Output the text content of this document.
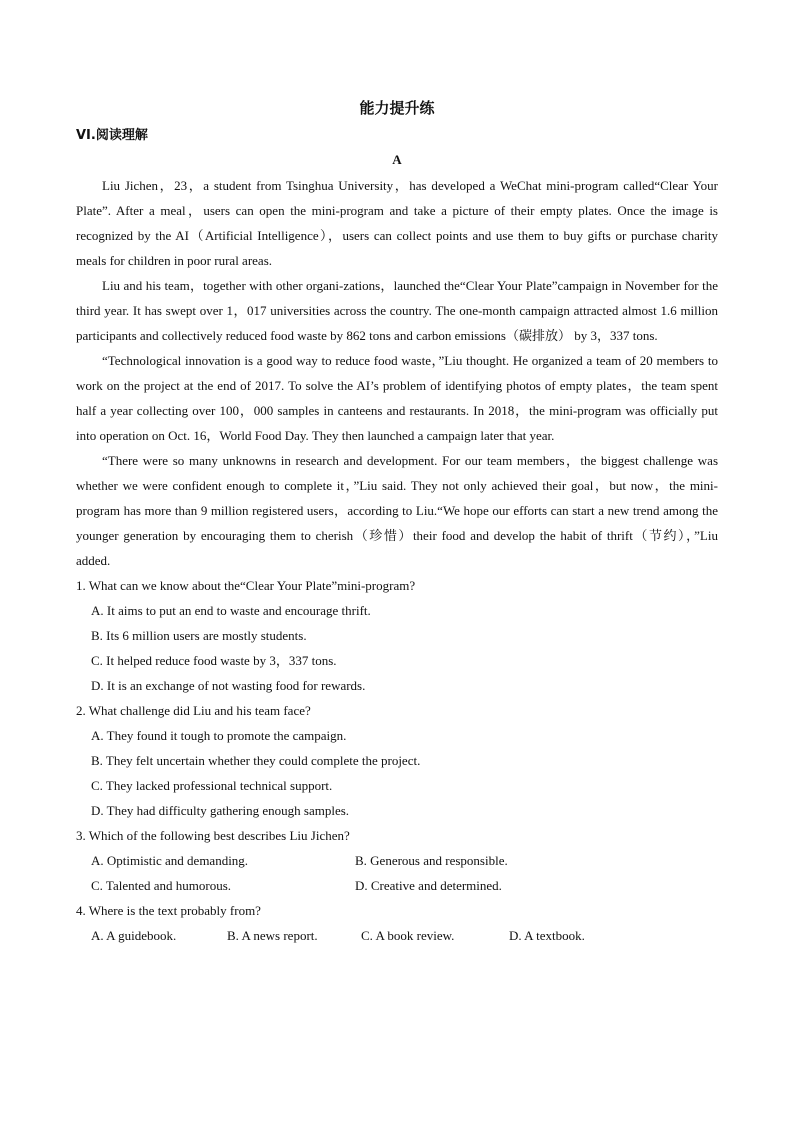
能力提升练
VI.阅读理解
A

Liu Jichen，23，a student from Tsinghua University，has developed a WeChat mini-program called“Clear Your Plate”. After a meal，users can open the mini-program and take a picture of their empty plates. Once the image is recognized by the AI（Artificial Intelligence），users can collect points and use them to buy gifts or purchase charity meals for children in poor rural areas.

Liu and his team，together with other organi-zations，launched the“Clear Your Plate”campaign in November for the third year. It has swept over 1，017 universities across the country. The one-month campaign attracted almost 1.6 million participants and collectively reduced food waste by 862 tons and carbon emissions（碳排放） by 3，337 tons.

“Technological innovation is a good way to reduce food waste，”Liu thought. He organized a team of 20 members to work on the project at the end of 2017. To solve the AI’s problem of identifying photos of empty plates，the team spent half a year collecting over 100，000 samples in canteens and restaurants. In 2018，the mini-program was officially put into operation on Oct. 16，World Food Day. They then launched a campaign later that year.

“There were so many unknowns in research and development. For our team members，the biggest challenge was whether we were confident enough to complete it，”Liu said. They not only achieved their goal，but now，the mini-program has more than 9 million registered users，according to Liu.“We hope our efforts can start a new trend among the younger generation by encouraging them to cherish（珍惜）their food and develop the habit of thrift（节约），”Liu added.

1. What can we know about the“Clear Your Plate”mini-program?
A. It aims to put an end to waste and encourage thrift.
B. Its 6 million users are mostly students.
C. It helped reduce food waste by 3，337 tons.
D. It is an exchange of not wasting food for rewards.
2. What challenge did Liu and his team face?
A. They found it tough to promote the campaign.
B. They felt uncertain whether they could complete the project.
C. They lacked professional technical support.
D. They had difficulty gathering enough samples.
3. Which of the following best describes Liu Jichen?
A. Optimistic and demanding.	B. Generous and responsible.
C. Talented and humorous.	D. Creative and determined.
4. Where is the text probably from?
A. A guidebook.	B. A news report.	C. A book review.	D. A textbook.
